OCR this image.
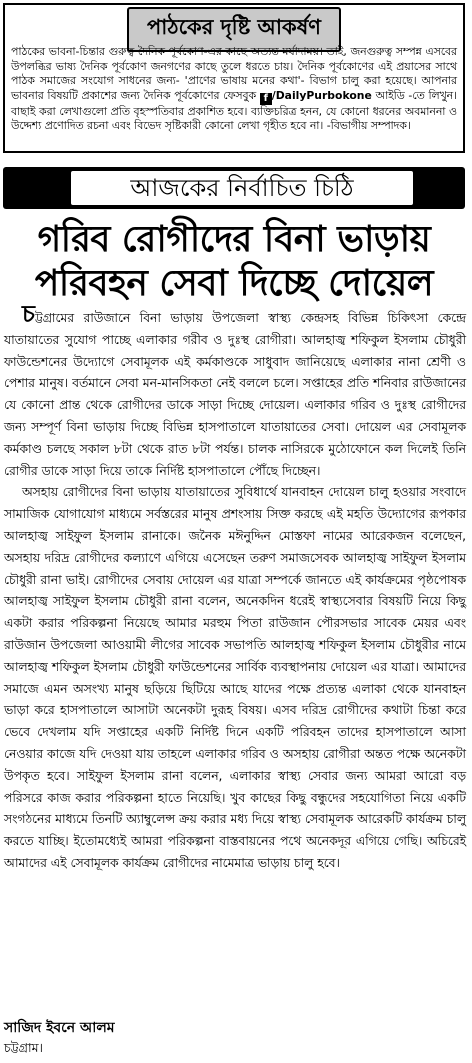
পাঠকের দৃষ্টি আকর্ষণ
পাঠকের ভাবনা-চিন্তার গুরুত্ব দৈনিক পূর্বকোণ-এর কাছে অত্যন্ত মর্যাদাময়। তাই, জনগুরুত্ব সম্পন্ন এসবের উপলব্ধির ভাষ্য দৈনিক পূর্বকোণ জনগণের কাছে তুলে ধরতে চায়। দৈনিক পূর্বকোণের এই প্রয়াসের সাথে পাঠক সমাজের সংযোগ সাধনের জন্য- 'প্রাণের ভাষায় মনের কথা'- বিভাগ চালু করা হয়েছে। আপনার ভাবনার বিষয়টি প্রকাশের জন্য দৈনিক পূর্বকোণের ফেসবুক f /DailyPurbokone আইডি -তে লিখুন। বাছাই করা লেখাগুলো প্রতি বৃহস্পতিবার প্রকাশিত হবে। ব্যক্তিচরিত্র হনন, যে কোনো ধরনের অবমাননা ও উদ্দেশ্য প্রণোদিত রচনা এবং বিভেদ সৃষ্টিকারী কোনো লেখা গৃহীত হবে না। -বিভাগীয় সম্পাদক।
আজকের নির্বাচিত চিঠি
গরিব রোগীদের বিনা ভাড়ায়
পরিবহন সেবা দিচ্ছে দোয়েল

চট্টগ্রামের রাউজানে বিনা ভাড়ায় উপজেলা স্বাস্থ্য কেন্দ্রসহ বিভিন্ন চিকিৎসা কেন্দ্রে যাতায়াতের সুযোগ পাচ্ছে এলাকার গরীব ও দুঃস্থ রোগীরা। আলহাজ্ব শফিকুল ইসলাম চৌধুরী ফাউন্ডেশনের উদ্যোগে সেবামূলক এই কর্মকাণ্ডকে সাধুবাদ জানিয়েছে এলাকার নানা শ্রেণী ও পেশার মানুষ। বর্তমানে সেবা মন-মানসিকতা নেই বললে চলে। সপ্তাহের প্রতি শনিবার রাউজানের যে কোনো প্রান্ত থেকে রোগীদের ডাকে সাড়া দিচ্ছে দোয়েল। এলাকার গরিব ও দুঃস্থ রোগীদের জন্য সম্পূর্ণ বিনা ভাড়ায় দিচ্ছে বিভিন্ন হাসপাতালে যাতায়াতের সেবা। দোয়েল এর সেবামূলক কর্মকাণ্ড চলছে সকাল ৮টা থেকে রাত ৮টা পর্যন্ত। চালক নাসিরকে মুঠোফোনে কল দিলেই তিনি রোগীর ডাকে সাড়া দিয়ে তাকে নির্দিষ্ট হাসপাতালে পৌঁছে দিচ্ছেন।

অসহায় রোগীদের বিনা ভাড়ায় যাতায়াতের সুবিধার্থে যানবাহন দোয়েল চালু হওয়ার সংবাদে সামাজিক যোগাযোগ মাধ্যমে সর্বস্তরের মানুষ প্রশংসায় সিক্ত করছে এই মহতি উদ্যোগের রূপকার আলহাজ্ব সাইফুল ইসলাম রানাকে। জনৈক মঈনুদ্দিন মোস্তফা নামের আরেকজন বলেছেন, অসহায় দরিদ্র রোগীদের কল্যাণে এগিয়ে এসেছেন তরুণ সমাজসেবক আলহাজ্ব সাইফুল ইসলাম চৌধুরী রানা ভাই। রোগীদের সেবায় দোয়েল এর যাত্রা সম্পর্কে জানতে এই কার্যক্রমের পৃষ্ঠপোষক আলহাজ্ব সাইফুল ইসলাম চৌধুরী রানা বলেন, অনেকদিন ধরেই স্বাস্থ্যসেবার বিষয়টি নিয়ে কিছু একটা করার পরিকল্পনা নিয়েছে আমার মরহুম পিতা রাউজান পৌরসভার সাবেক মেয়র এবং রাউজান উপজেলা আওয়ামী লীগের সাবেক সভাপতি আলহাজ্ব শফিকুল ইসলাম চৌধুরীর নামে আলহাজ্ব শফিকুল ইসলাম চৌধুরী ফাউন্ডেশনের সার্বিক ব্যবস্থাপনায় দোয়েল এর যাত্রা। আমাদের সমাজে এমন অসংখ্য মানুষ ছড়িয়ে ছিটিয়ে আছে যাদের পক্ষে প্রত্যন্ত এলাকা থেকে যানবাহন ভাড়া করে হাসপাতালে আসাটা অনেকটা দুরূহ বিষয়। এসব দরিদ্র রোগীদের কথাটা চিন্তা করে ভেবে দেখলাম যদি সপ্তাহের একটি নির্দিষ্ট দিনে একটি পরিবহন তাদের হাসপাতালে আসা নেওয়ার কাজে যদি দেওয়া যায় তাহলে এলাকার গরিব ও অসহায় রোগীরা অন্তত পক্ষে অনেকটা উপকৃত হবে। সাইফুল ইসলাম রানা বলেন, এলাকার স্বাস্থ্য সেবার জন্য আমরা আরো বড় পরিসরে কাজ করার পরিকল্পনা হাতে নিয়েছি। খুব কাছের কিছু বন্ধুদের সহযোগিতা নিয়ে একটি সংগঠনের মাধ্যমে তিনটি অ্যাম্বুলেন্স ক্রয় করার মধ্য দিয়ে স্বাস্থ্য সেবামূলক আরেকটি কার্যক্রম চালু করতে যাচ্ছি। ইতোমধ্যেই আমরা পরিকল্পনা বাস্তবায়নের পথে অনেকদূর এগিয়ে গেছি। অচিরেই আমাদের এই সেবামূলক কার্যক্রম রোগীদের নামেমাত্র ভাড়ায় চালু হবে।

সাজিদ ইবনে আলম
চট্টগ্রাম।
